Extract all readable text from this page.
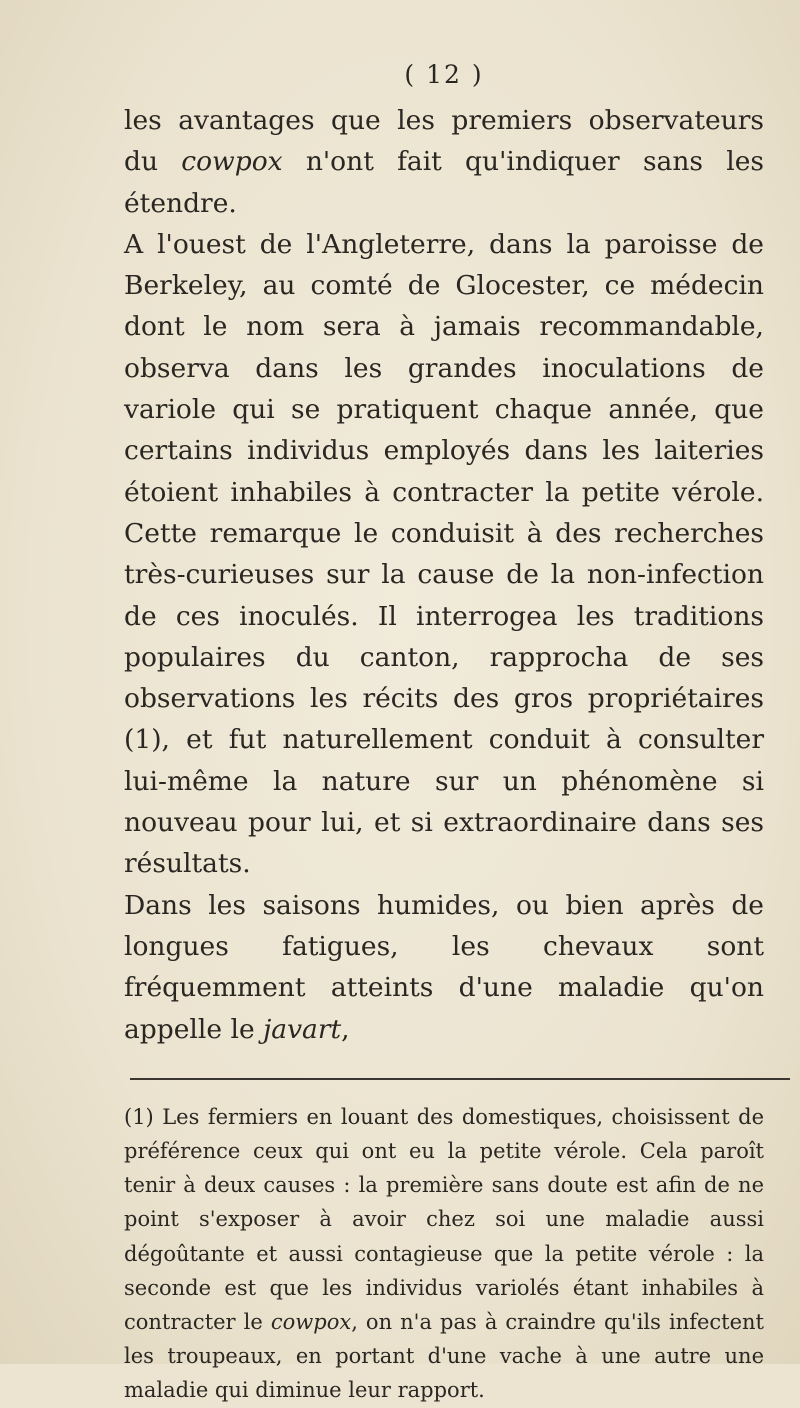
( 12 )

les avantages que les premiers observateurs du cowpox n'ont fait qu'indiquer sans les étendre.

A l'ouest de l'Angleterre, dans la paroisse de Berkeley, au comté de Glocester, ce médecin dont le nom sera à jamais recommandable, observa dans les grandes inoculations de variole qui se pratiquent chaque année, que certains individus employés dans les laiteries étoient inhabiles à contracter la petite vérole. Cette remarque le conduisit à des recherches très-curieuses sur la cause de la non-infection de ces inoculés. Il interrogea les traditions populaires du canton, rapprocha de ses observations les récits des gros propriétaires (1), et fut naturellement conduit à consulter lui-même la nature sur un phénomène si nouveau pour lui, et si extraordinaire dans ses résultats.

Dans les saisons humides, ou bien après de longues fatigues, les chevaux sont fréquemment atteints d'une maladie qu'on appelle le javart,

(1) Les fermiers en louant des domestiques, choisissent de préférence ceux qui ont eu la petite vérole. Cela paroît tenir à deux causes : la première sans doute est afin de ne point s'exposer à avoir chez soi une maladie aussi dégoûtante et aussi contagieuse que la petite vérole : la seconde est que les individus variolés étant inhabiles à contracter le cowpox, on n'a pas à craindre qu'ils infectent les troupeaux, en portant d'une vache à une autre une maladie qui diminue leur rapport.
